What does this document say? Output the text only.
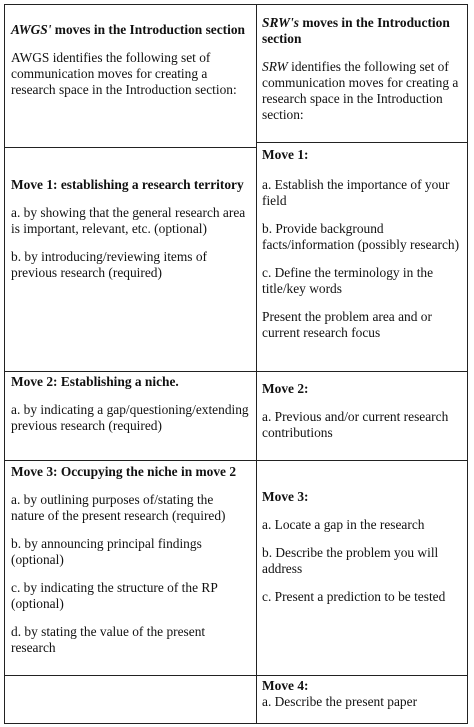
AWGS' moves in the Introduction section

AWGS identifies the following set of communication moves for creating a research space in the Introduction section:

SRW's moves in the Introduction section

SRW identifies the following set of communication moves for creating a research space in the Introduction section:

Move 1: establishing a research territory

a. by showing that the general research area is important, relevant, etc. (optional)

b. by introducing/reviewing items of previous research (required)

Move 1:

a. Establish the importance of your field

b. Provide background facts/information (possibly research)

c. Define the terminology in the title/key words

Present the problem area and or current research focus

Move 2: Establishing a niche.

a. by indicating a gap/questioning/extending previous research (required)

Move 2:

a. Previous and/or current research contributions

Move 3: Occupying the niche in move 2

a. by outlining purposes of/stating the nature of the present research (required)

b. by announcing principal findings (optional)

c. by indicating the structure of the RP (optional)

d. by stating the value of the present research

Move 3:

a. Locate a gap in the research

b. Describe the problem you will address

c. Present a prediction to be tested

Move 4:

a. Describe the present paper
